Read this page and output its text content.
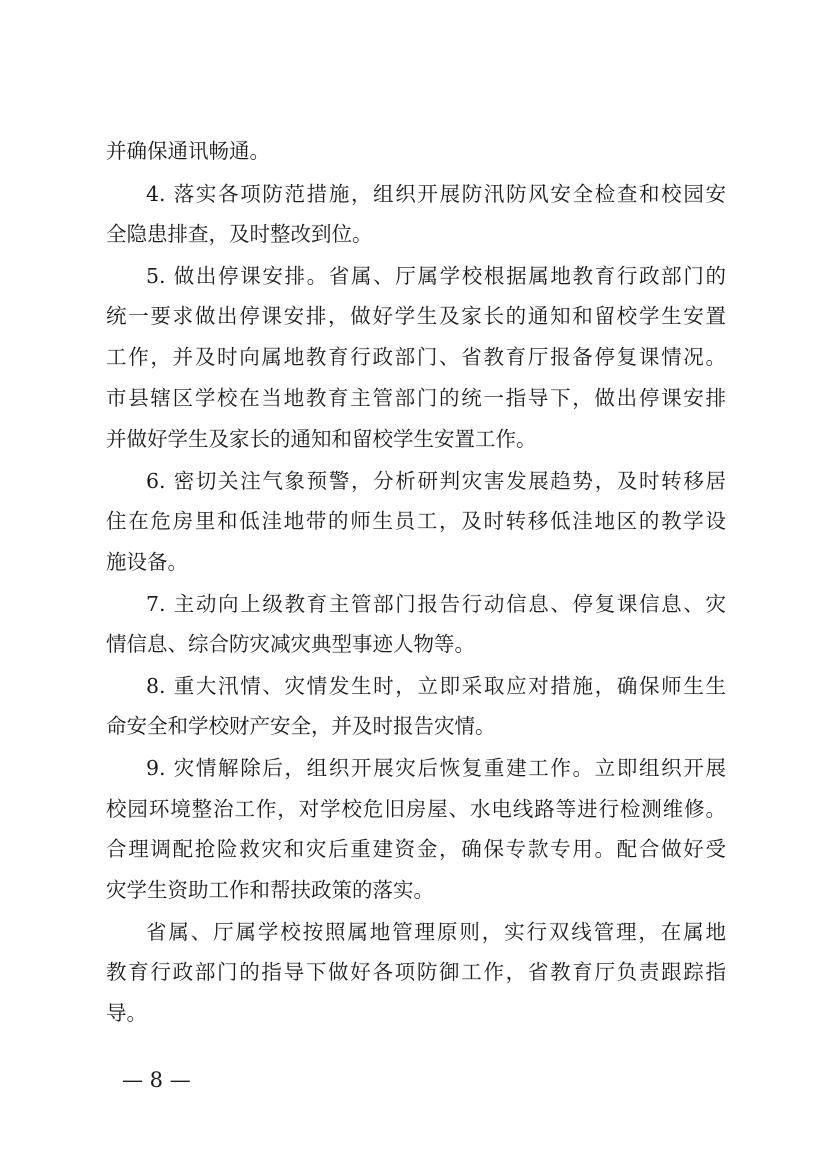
并确保通讯畅通。
4. 落实各项防范措施，组织开展防汛防风安全检查和校园安
全隐患排查，及时整改到位。
5. 做出停课安排。省属、厅属学校根据属地教育行政部门的
统一要求做出停课安排，做好学生及家长的通知和留校学生安置
工作，并及时向属地教育行政部门、省教育厅报备停复课情况。
市县辖区学校在当地教育主管部门的统一指导下，做出停课安排
并做好学生及家长的通知和留校学生安置工作。
6. 密切关注气象预警，分析研判灾害发展趋势，及时转移居
住在危房里和低洼地带的师生员工，及时转移低洼地区的教学设
施设备。
7. 主动向上级教育主管部门报告行动信息、停复课信息、灾
情信息、综合防灾减灾典型事迹人物等。
8. 重大汛情、灾情发生时，立即采取应对措施，确保师生生
命安全和学校财产安全，并及时报告灾情。
9. 灾情解除后，组织开展灾后恢复重建工作。立即组织开展
校园环境整治工作，对学校危旧房屋、水电线路等进行检测维修。
合理调配抢险救灾和灾后重建资金，确保专款专用。配合做好受
灾学生资助工作和帮扶政策的落实。
省属、厅属学校按照属地管理原则，实行双线管理，在属地
教育行政部门的指导下做好各项防御工作，省教育厅负责跟踪指
导。
— 8 —
